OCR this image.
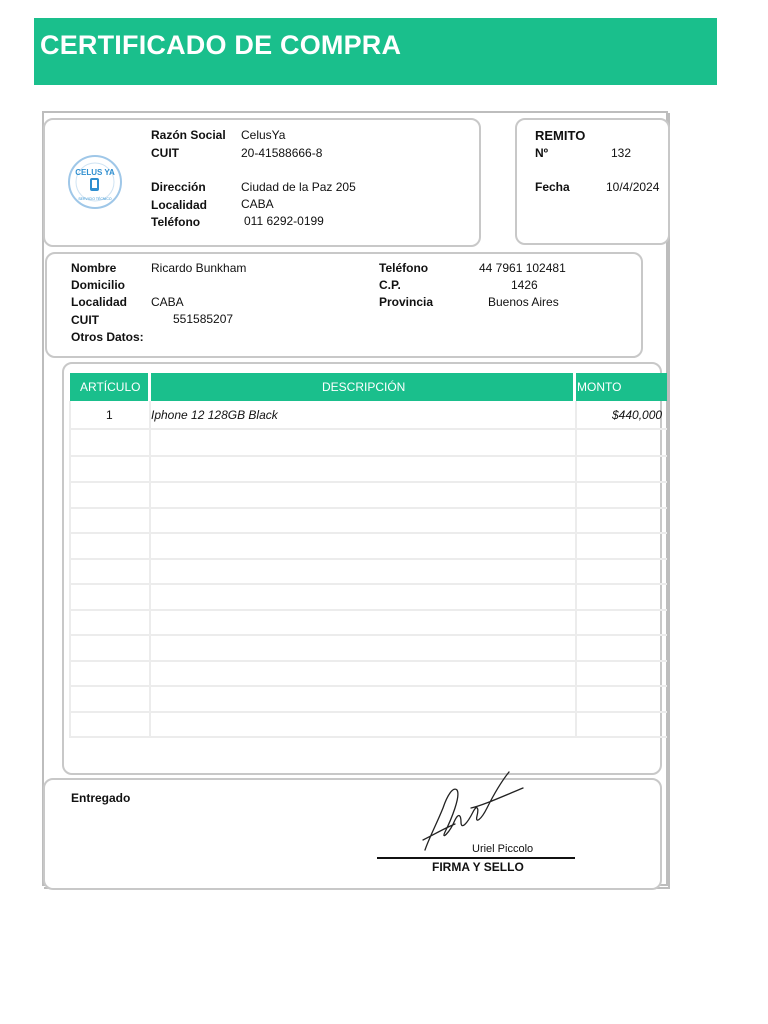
CERTIFICADO DE COMPRA
CELUS YA
SERVICIO TÉCNICO
Razón Social CelusYa
CUIT	20-41588666-8
Dirección	Ciudad de la Paz 205
Localidad	CABA
Teléfono	011 6292-0199
REMITO
Nº	132
Fecha	10/4/2024
Nombre	Ricardo Bunkham
Domicilio
Localidad CABA
CUIT	551585207
Otros Datos:
Teléfono	44 7961 102481
C.P.	1426
Provincia	Buenos Aires
ARTÍCULO	DESCRIPCIÓN	MONTO
1	Iphone 12 128GB Black	$440,000
Entregado
Uriel Piccolo
FIRMA Y SELLO
